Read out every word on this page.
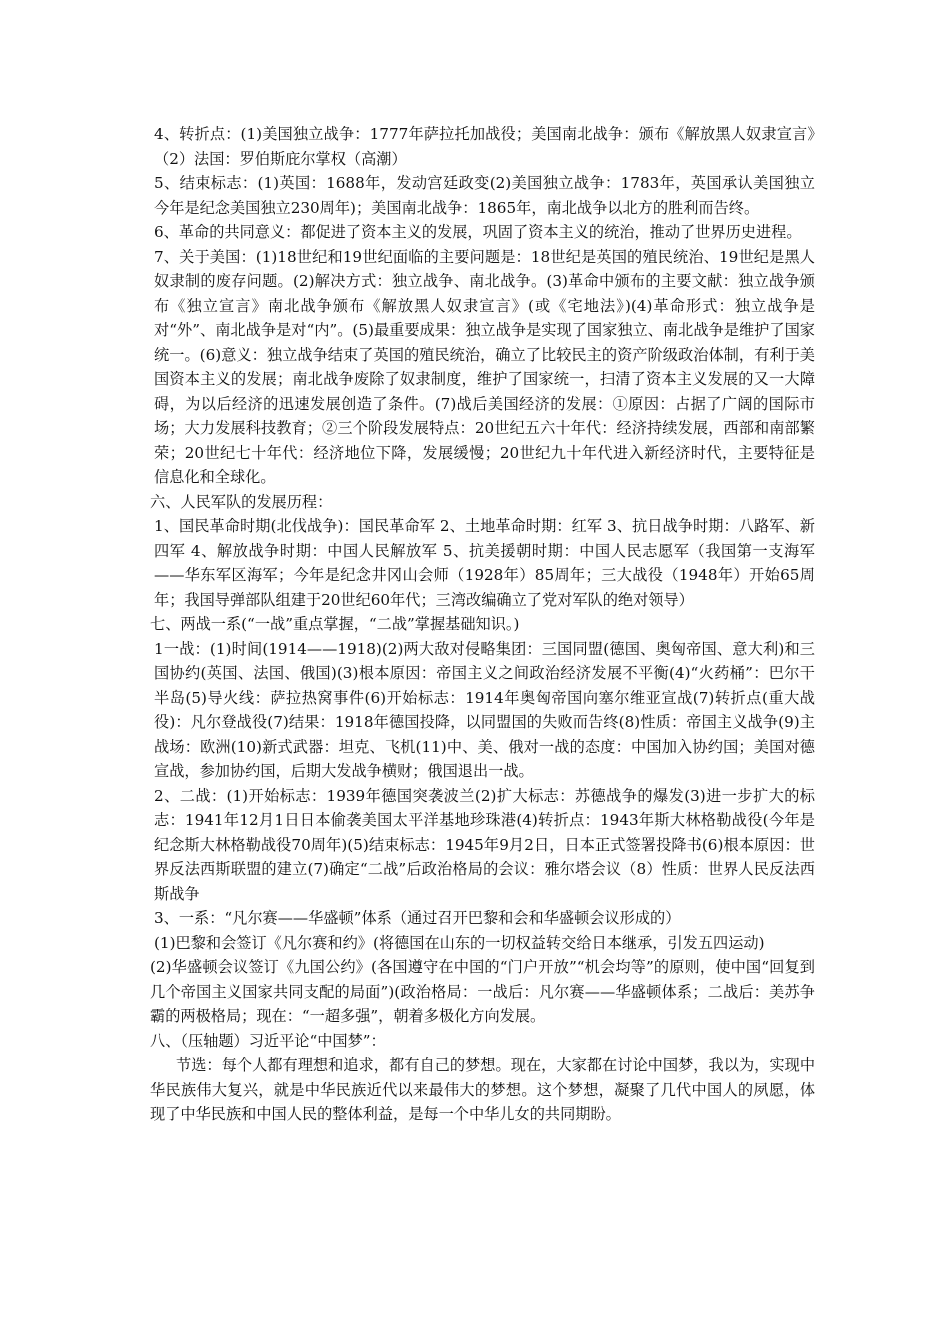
4、转折点：(1)美国独立战争：1777年萨拉托加战役；美国南北战争：颁布《解放黑人奴隶宣言》（2）法国：罗伯斯庇尔掌权（高潮）

5、结束标志：(1)英国：1688年，发动宫廷政变(2)美国独立战争：1783年，英国承认美国独立今年是纪念美国独立230周年)；美国南北战争：1865年，南北战争以北方的胜利而告终。

6、革命的共同意义：都促进了资本主义的发展，巩固了资本主义的统治，推动了世界历史进程。

7、关于美国：(1)18世纪和19世纪面临的主要问题是：18世纪是英国的殖民统治、19世纪是黑人奴隶制的废存问题。(2)解决方式：独立战争、南北战争。(3)革命中颁布的主要文献：独立战争颁布《独立宣言》南北战争颁布《解放黑人奴隶宣言》(或《宅地法》)(4)革命形式：独立战争是对“外”、南北战争是对“内”。(5)最重要成果：独立战争是实现了国家独立、南北战争是维护了国家统一。(6)意义：独立战争结束了英国的殖民统治，确立了比较民主的资产阶级政治体制，有利于美国资本主义的发展；南北战争废除了奴隶制度，维护了国家统一，扫清了资本主义发展的又一大障碍，为以后经济的迅速发展创造了条件。(7)战后美国经济的发展：①原因：占据了广阔的国际市场；大力发展科技教育；②三个阶段发展特点：20世纪五六十年代：经济持续发展，西部和南部繁荣；20世纪七十年代：经济地位下降，发展缓慢；20世纪九十年代进入新经济时代，主要特征是信息化和全球化。

六、人民军队的发展历程：

1、国民革命时期(北伐战争)：国民革命军 2、土地革命时期：红军 3、抗日战争时期：八路军、新四军 4、解放战争时期：中国人民解放军 5、抗美援朝时期：中国人民志愿军（我国第一支海军——华东军区海军；今年是纪念井冈山会师（1928年）85周年；三大战役（1948年）开始65周年；我国导弹部队组建于20世纪60年代；三湾改编确立了党对军队的绝对领导）

七、两战一系(“一战”重点掌握，“二战”掌握基础知识。)

1一战：(1)时间(1914——1918)(2)两大敌对侵略集团：三国同盟(德国、奥匈帝国、意大利)和三国协约(英国、法国、俄国)(3)根本原因：帝国主义之间政治经济发展不平衡(4)“火药桶”：巴尔干半岛(5)导火线：萨拉热窝事件(6)开始标志：1914年奥匈帝国向塞尔维亚宣战(7)转折点(重大战役)：凡尔登战役(7)结果：1918年德国投降，以同盟国的失败而告终(8)性质：帝国主义战争(9)主战场：欧洲(10)新式武器：坦克、飞机(11)中、美、俄对一战的态度：中国加入协约国；美国对德宣战，参加协约国，后期大发战争横财；俄国退出一战。

2、二战：(1)开始标志：1939年德国突袭波兰(2)扩大标志：苏德战争的爆发(3)进一步扩大的标志：1941年12月1日日本偷袭美国太平洋基地珍珠港(4)转折点：1943年斯大林格勒战役(今年是纪念斯大林格勒战役70周年)(5)结束标志：1945年9月2日，日本正式签署投降书(6)根本原因：世界反法西斯联盟的建立(7)确定“二战”后政治格局的会议：雅尔塔会议（8）性质：世界人民反法西斯战争

3、一系：“凡尔赛——华盛顿”体系（通过召开巴黎和会和华盛顿会议形成的）

(1)巴黎和会签订《凡尔赛和约》(将德国在山东的一切权益转交给日本继承，引发五四运动)

(2)华盛顿会议签订《九国公约》(各国遵守在中国的“门户开放”“机会均等”的原则，使中国“回复到几个帝国主义国家共同支配的局面”)(政治格局：一战后：凡尔赛——华盛顿体系；二战后：美苏争霸的两极格局；现在：“一超多强”，朝着多极化方向发展。

八、（压轴题）习近平论“中国梦”：

节选：每个人都有理想和追求，都有自己的梦想。现在，大家都在讨论中国梦，我以为，实现中华民族伟大复兴，就是中华民族近代以来最伟大的梦想。这个梦想，凝聚了几代中国人的夙愿，体现了中华民族和中国人民的整体利益，是每一个中华儿女的共同期盼。
